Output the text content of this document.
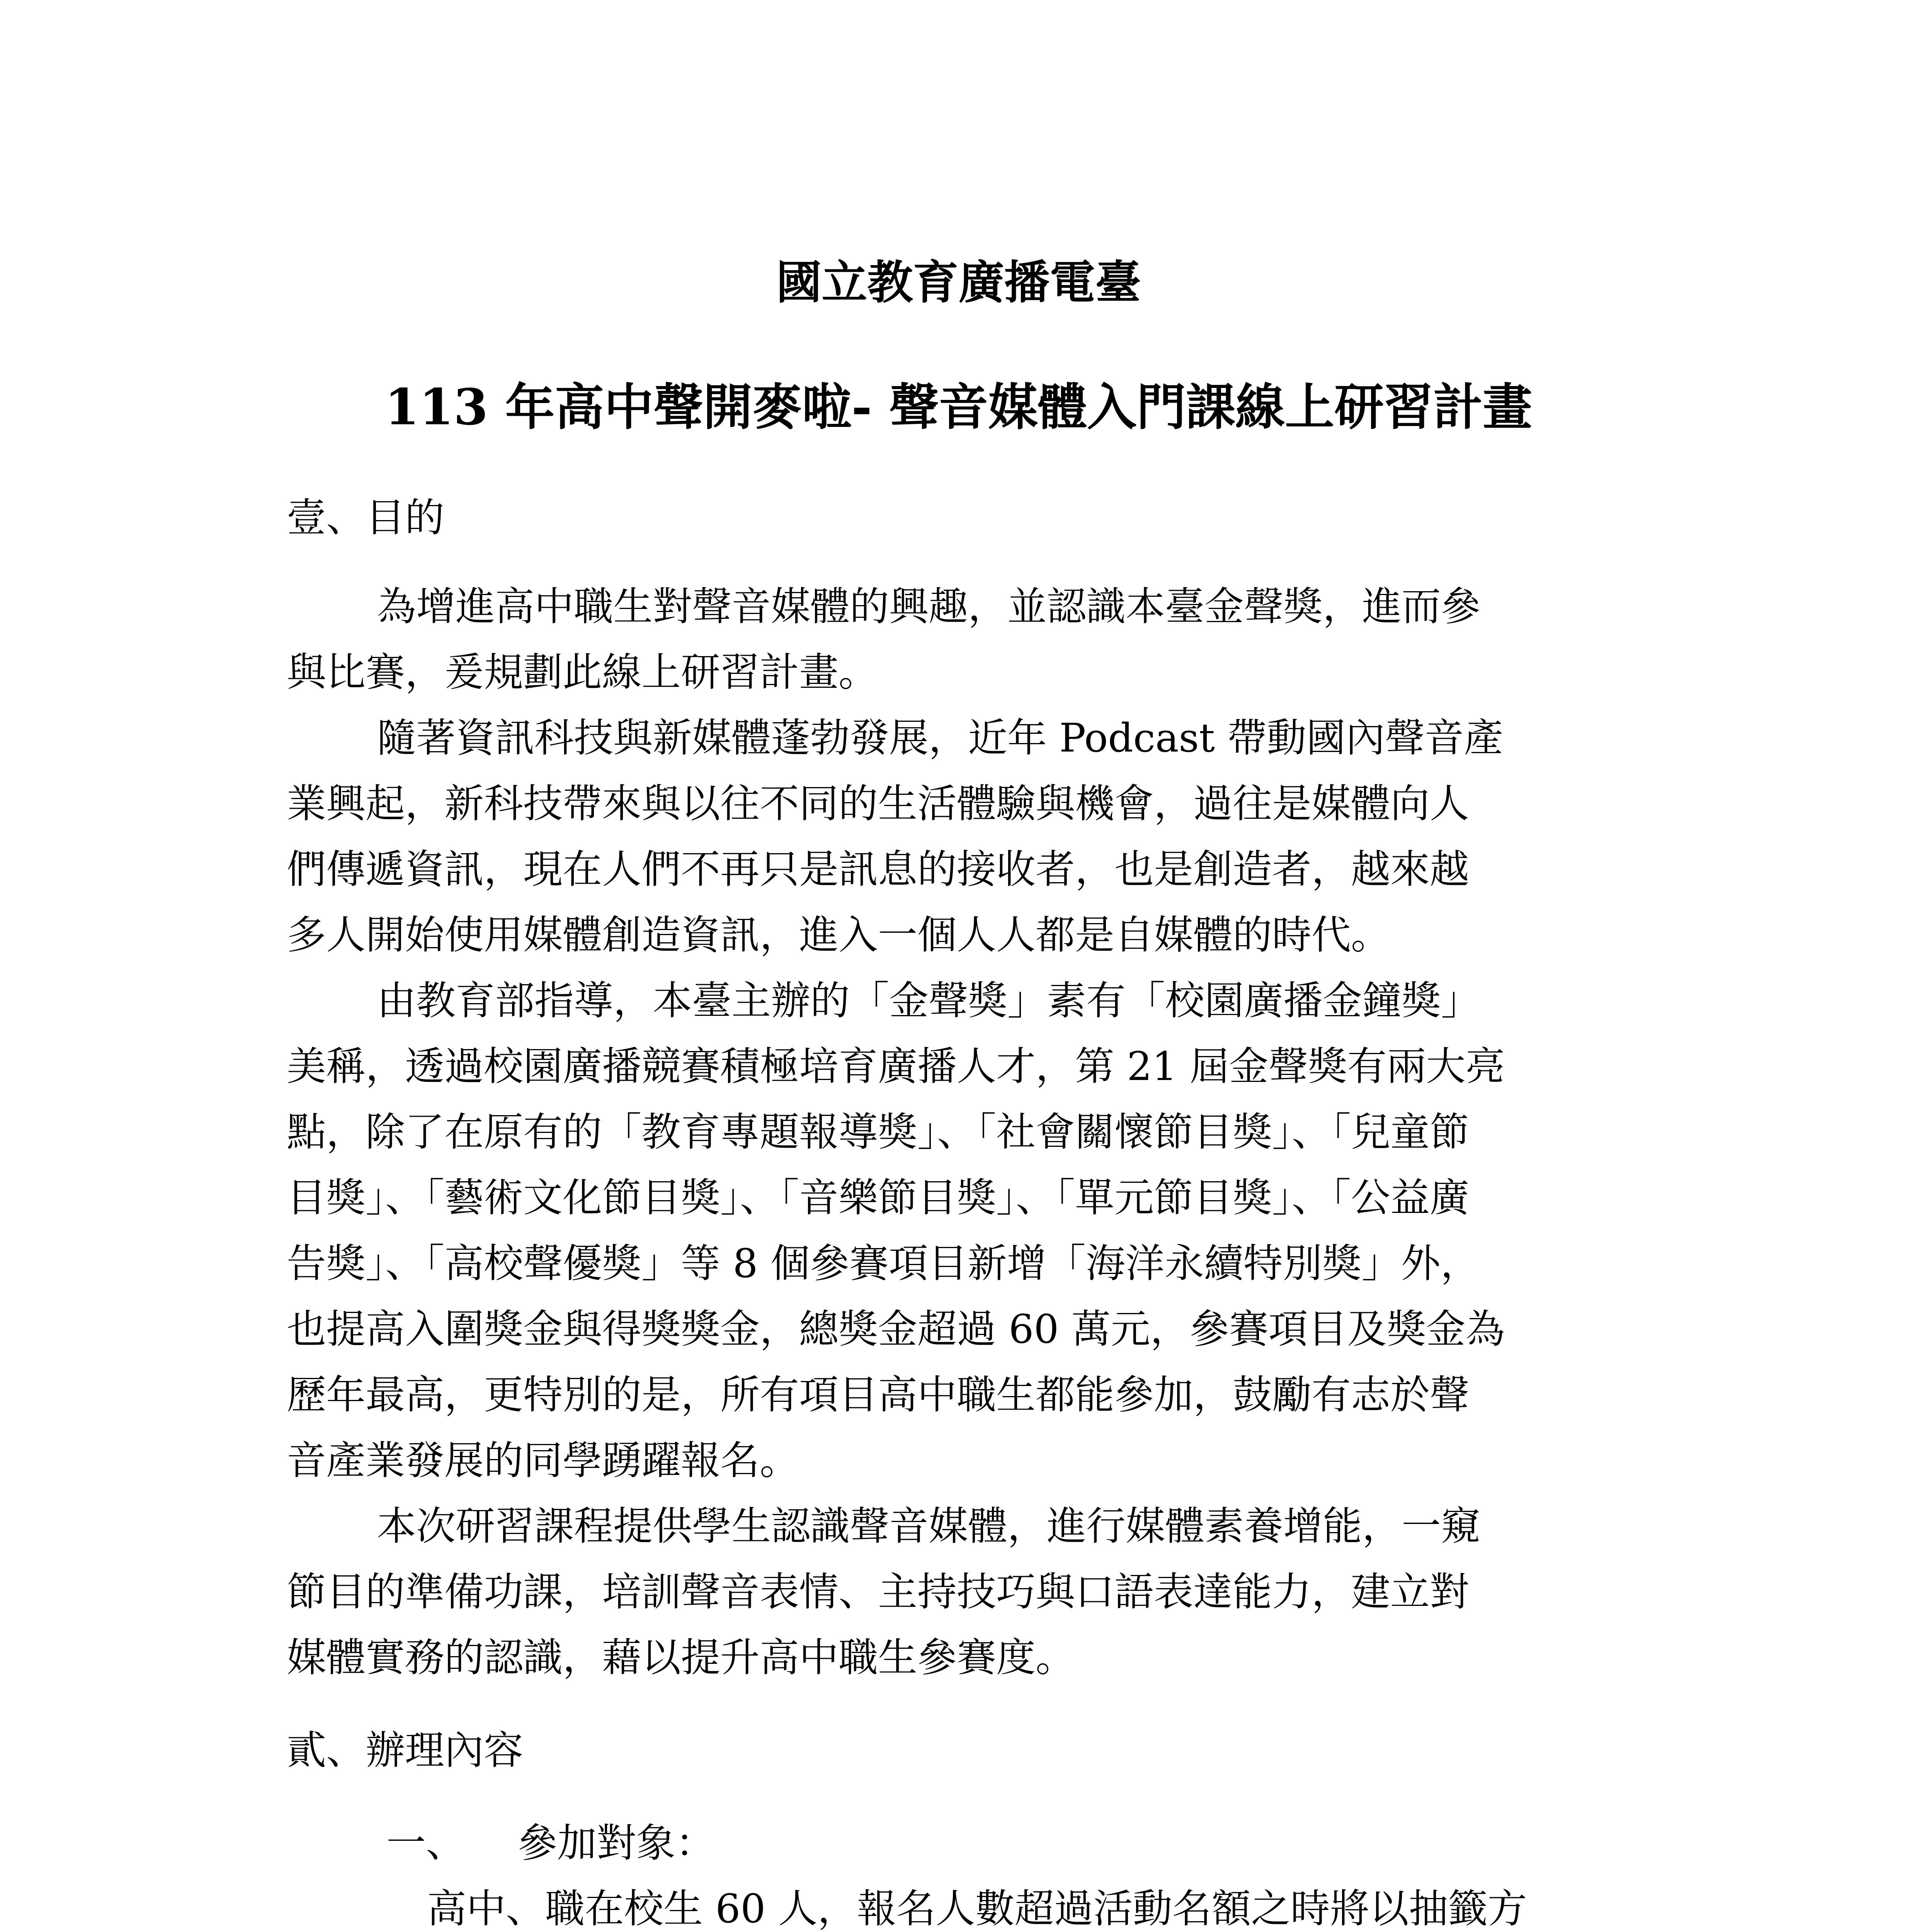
國立教育廣播電臺
113 年高中聲開麥啦- 聲音媒體入門課線上研習計畫
壹、目的
為增進高中職生對聲音媒體的興趣，並認識本臺金聲獎，進而參
與比賽，爰規劃此線上研習計畫。
隨著資訊科技與新媒體蓬勃發展，近年 Podcast 帶動國內聲音產
業興起，新科技帶來與以往不同的生活體驗與機會，過往是媒體向人
們傳遞資訊，現在人們不再只是訊息的接收者，也是創造者，越來越
多人開始使用媒體創造資訊，進入一個人人都是自媒體的時代。
由教育部指導，本臺主辦的「金聲獎」素有「校園廣播金鐘獎」
美稱，透過校園廣播競賽積極培育廣播人才，第 21 屆金聲獎有兩大亮
點，除了在原有的「教育專題報導獎」、「社會關懷節目獎」、「兒童節
目獎」、「藝術文化節目獎」、「音樂節目獎」、「單元節目獎」、「公益廣
告獎」、「高校聲優獎」等 8 個參賽項目新增「海洋永續特別獎」外，
也提高入圍獎金與得獎獎金，總獎金超過 60 萬元，參賽項目及獎金為
歷年最高，更特別的是，所有項目高中職生都能參加，鼓勵有志於聲
音產業發展的同學踴躍報名。
本次研習課程提供學生認識聲音媒體，進行媒體素養增能，一窺
節目的準備功課，培訓聲音表情、主持技巧與口語表達能力，建立對
媒體實務的認識，藉以提升高中職生參賽度。
貳、辦理內容
一、 參加對象：
高中、職在校生 60 人，報名人數超過活動名額之時將以抽籤方
